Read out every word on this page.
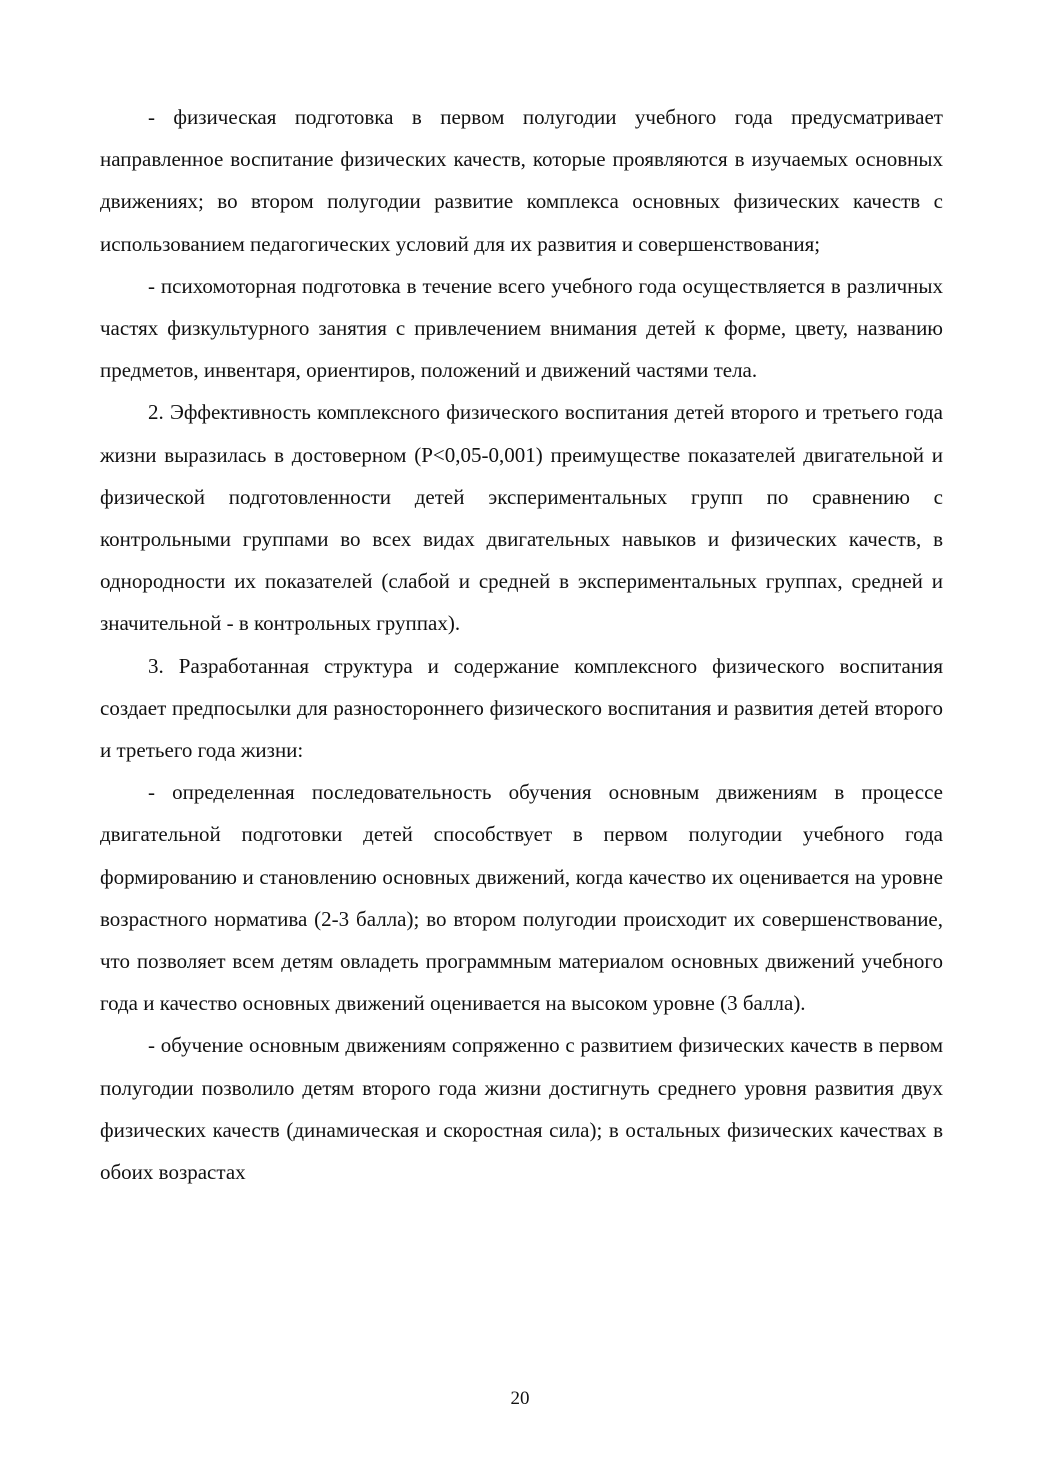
- физическая подготовка в первом полугодии учебного года предусматривает направленное воспитание физических качеств, которые проявляются в изучаемых основных движениях; во втором полугодии развитие комплекса основных физических качеств с использованием педагогических условий для их развития и совершенствования;

- психомоторная подготовка в течение всего учебного года осуществляется в различных частях физкультурного занятия с привлечением внимания детей к форме, цвету, названию предметов, инвентаря, ориентиров, положений и движений частями тела.

2. Эффективность комплексного физического воспитания детей второго и третьего года жизни выразилась в достоверном (Р<0,05-0,001) преимуществе показателей двигательной и физической подготовленности детей экспериментальных групп по сравнению с контрольными группами во всех видах двигательных навыков и физических качеств, в однородности их показателей (слабой и средней в экспериментальных группах, средней и значительной - в контрольных группах).

3. Разработанная структура и содержание комплексного физического воспитания создает предпосылки для разностороннего физического воспитания и развития детей второго и третьего года жизни:

- определенная последовательность обучения основным движениям в процессе двигательной подготовки детей способствует в первом полугодии учебного года формированию и становлению основных движений, когда качество их оценивается на уровне возрастного норматива (2-3 балла); во втором полугодии происходит их совершенствование, что позволяет всем детям овладеть программным материалом основных движений учебного года и качество основных движений оценивается на высоком уровне (3 балла).

- обучение основным движениям сопряженно с развитием физических качеств в первом полугодии позволило детям второго года жизни достигнуть среднего уровня развития двух физических качеств (динамическая и скоростная сила); в остальных физических качествах в обоих возрастах

20
